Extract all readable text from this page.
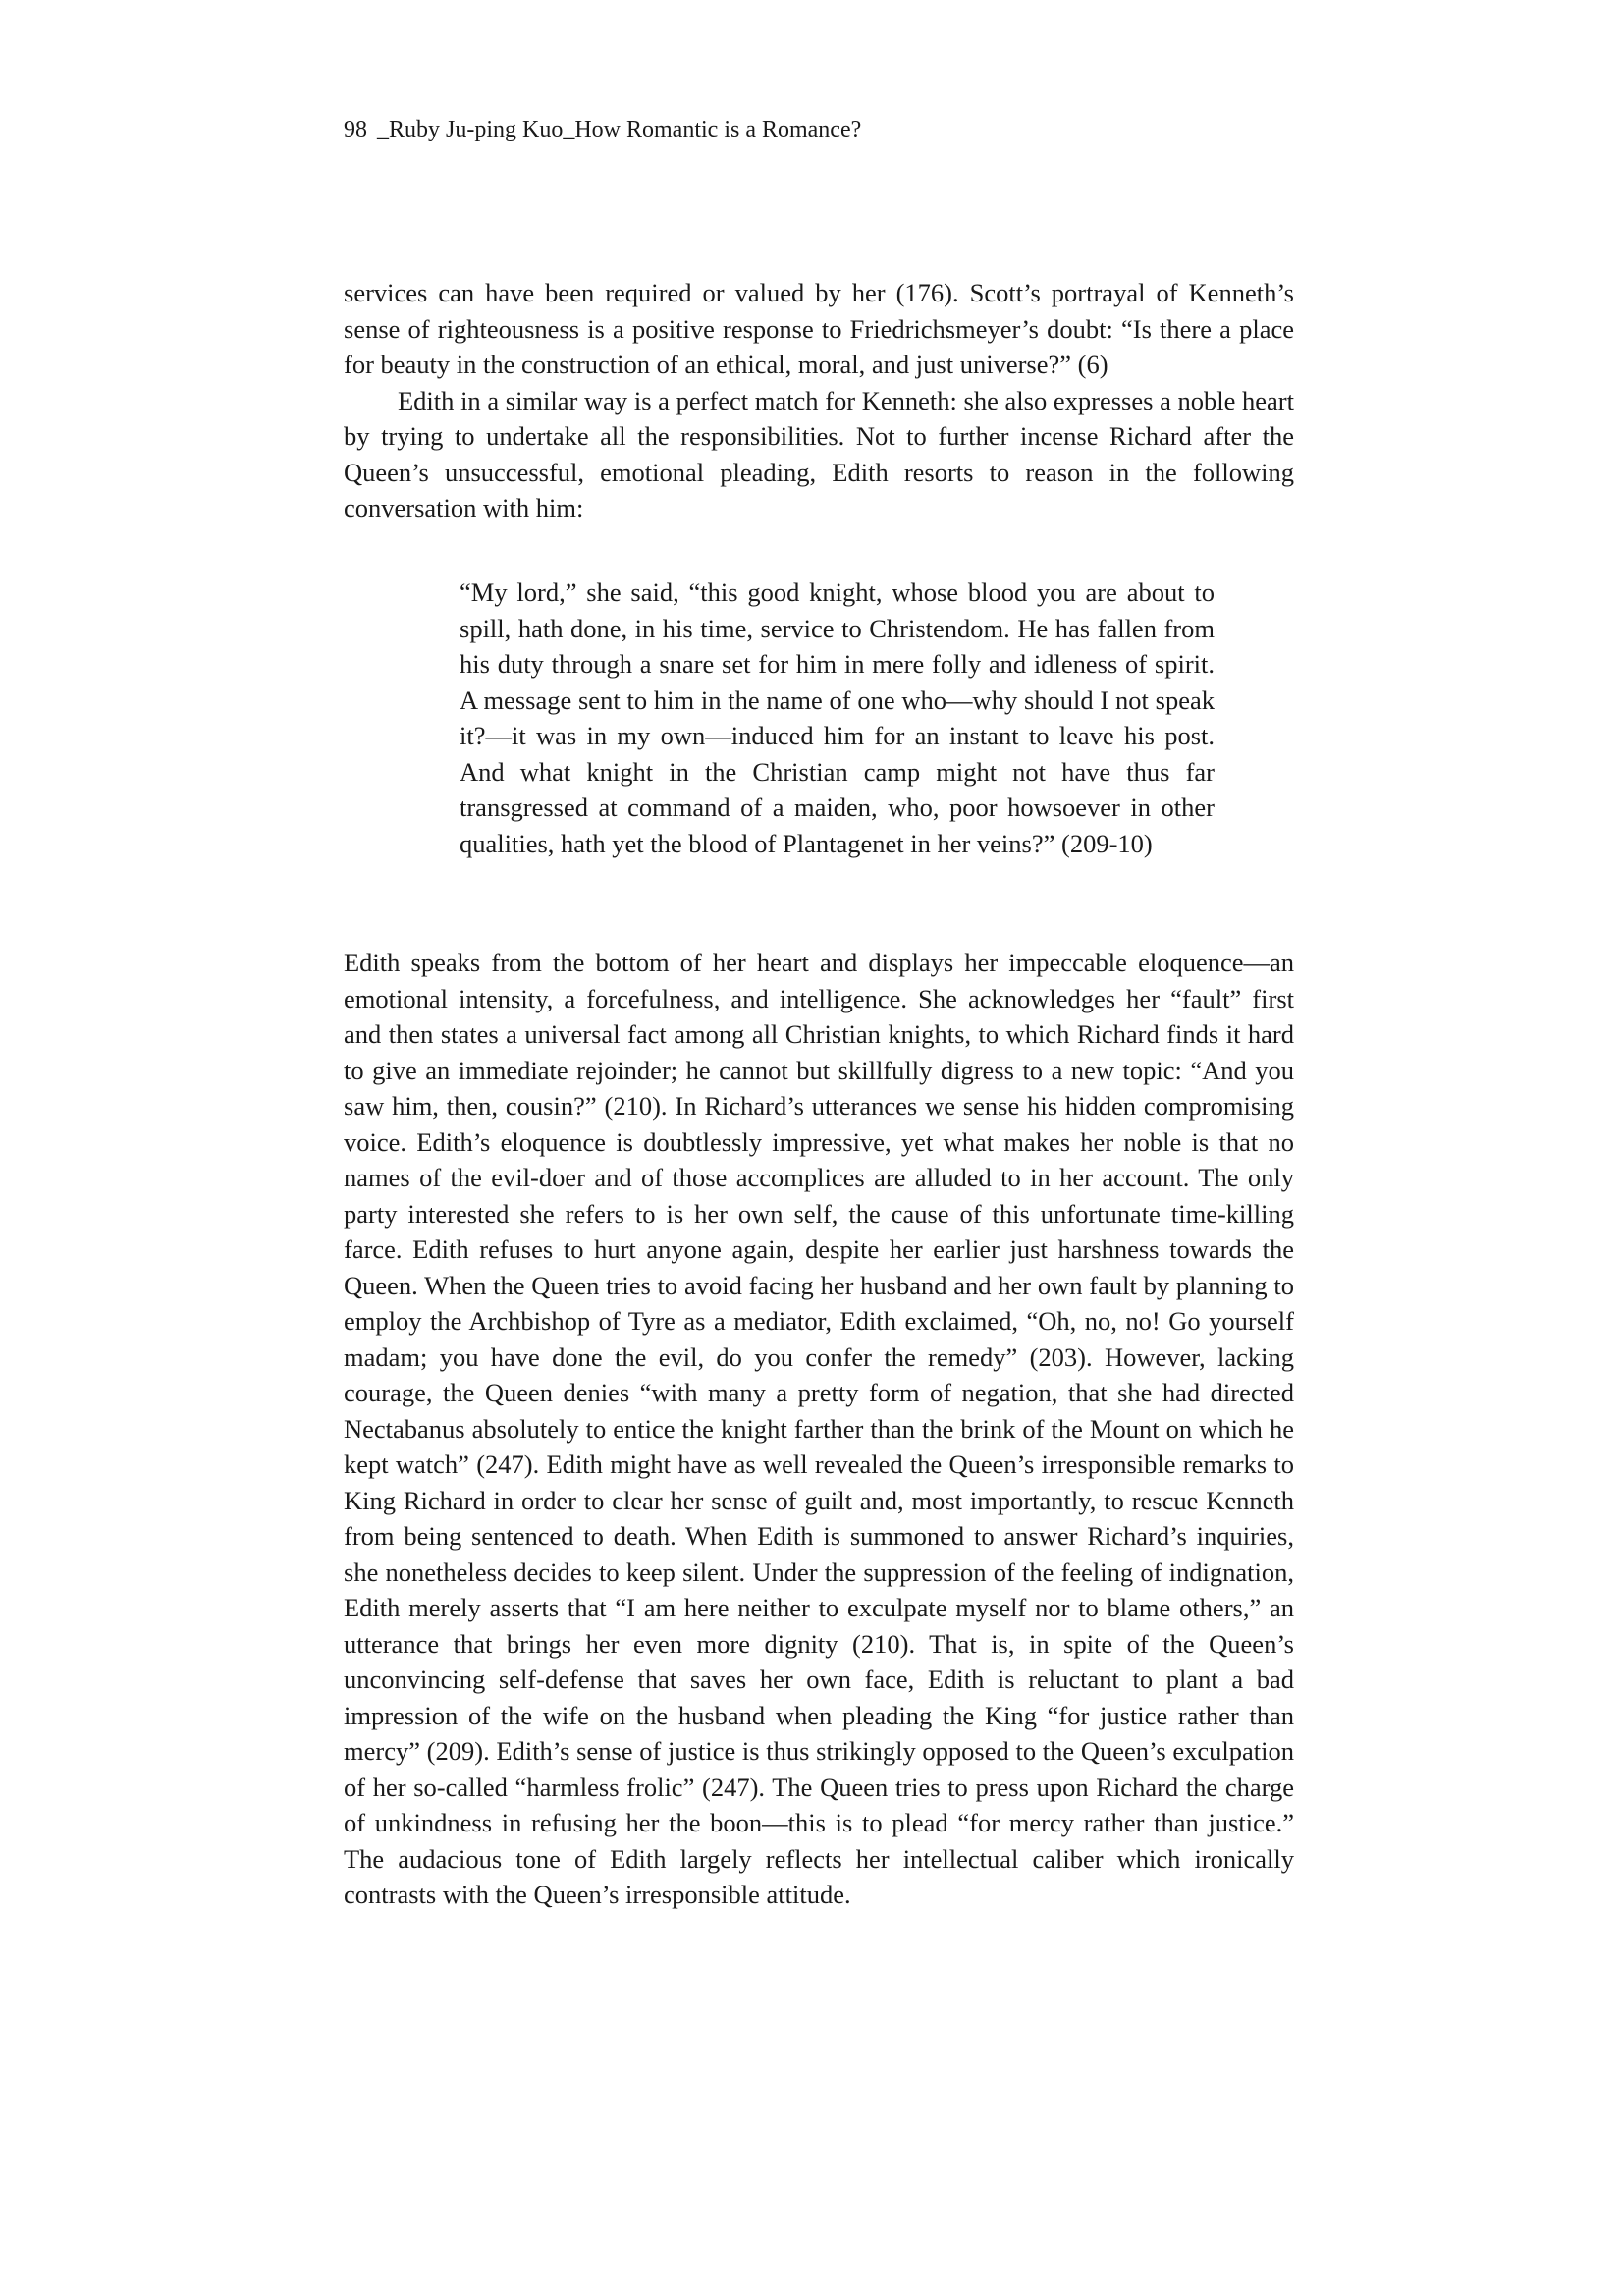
98 _Ruby Ju-ping Kuo_How Romantic is a Romance?

services can have been required or valued by her (176). Scott’s portrayal of Kenneth’s sense of righteousness is a positive response to Friedrichsmeyer’s doubt: “Is there a place for beauty in the construction of an ethical, moral, and just universe?” (6)

Edith in a similar way is a perfect match for Kenneth: she also expresses a noble heart by trying to undertake all the responsibilities. Not to further incense Richard after the Queen’s unsuccessful, emotional pleading, Edith resorts to reason in the following conversation with him:

“My lord,” she said, “this good knight, whose blood you are about to spill, hath done, in his time, service to Christendom. He has fallen from his duty through a snare set for him in mere folly and idleness of spirit. A message sent to him in the name of one who—why should I not speak it?—it was in my own—induced him for an instant to leave his post. And what knight in the Christian camp might not have thus far transgressed at command of a maiden, who, poor howsoever in other qualities, hath yet the blood of Plantagenet in her veins?” (209-10)

Edith speaks from the bottom of her heart and displays her impeccable eloquence—an emotional intensity, a forcefulness, and intelligence. She acknowledges her “fault” first and then states a universal fact among all Christian knights, to which Richard finds it hard to give an immediate rejoinder; he cannot but skillfully digress to a new topic: “And you saw him, then, cousin?” (210). In Richard’s utterances we sense his hidden compromising voice. Edith’s eloquence is doubtlessly impressive, yet what makes her noble is that no names of the evil-doer and of those accomplices are alluded to in her account. The only party interested she refers to is her own self, the cause of this unfortunate time-killing farce. Edith refuses to hurt anyone again, despite her earlier just harshness towards the Queen. When the Queen tries to avoid facing her husband and her own fault by planning to employ the Archbishop of Tyre as a mediator, Edith exclaimed, “Oh, no, no! Go yourself madam; you have done the evil, do you confer the remedy” (203). However, lacking courage, the Queen denies “with many a pretty form of negation, that she had directed Nectabanus absolutely to entice the knight farther than the brink of the Mount on which he kept watch” (247). Edith might have as well revealed the Queen’s irresponsible remarks to King Richard in order to clear her sense of guilt and, most importantly, to rescue Kenneth from being sentenced to death. When Edith is summoned to answer Richard’s inquiries, she nonetheless decides to keep silent. Under the suppression of the feeling of indignation, Edith merely asserts that “I am here neither to exculpate myself nor to blame others,” an utterance that brings her even more dignity (210). That is, in spite of the Queen’s unconvincing self-defense that saves her own face, Edith is reluctant to plant a bad impression of the wife on the husband when pleading the King “for justice rather than mercy” (209). Edith’s sense of justice is thus strikingly opposed to the Queen’s exculpation of her so-called “harmless frolic” (247). The Queen tries to press upon Richard the charge of unkindness in refusing her the boon—this is to plead “for mercy rather than justice.” The audacious tone of Edith largely reflects her intellectual caliber which ironically contrasts with the Queen’s irresponsible attitude.
